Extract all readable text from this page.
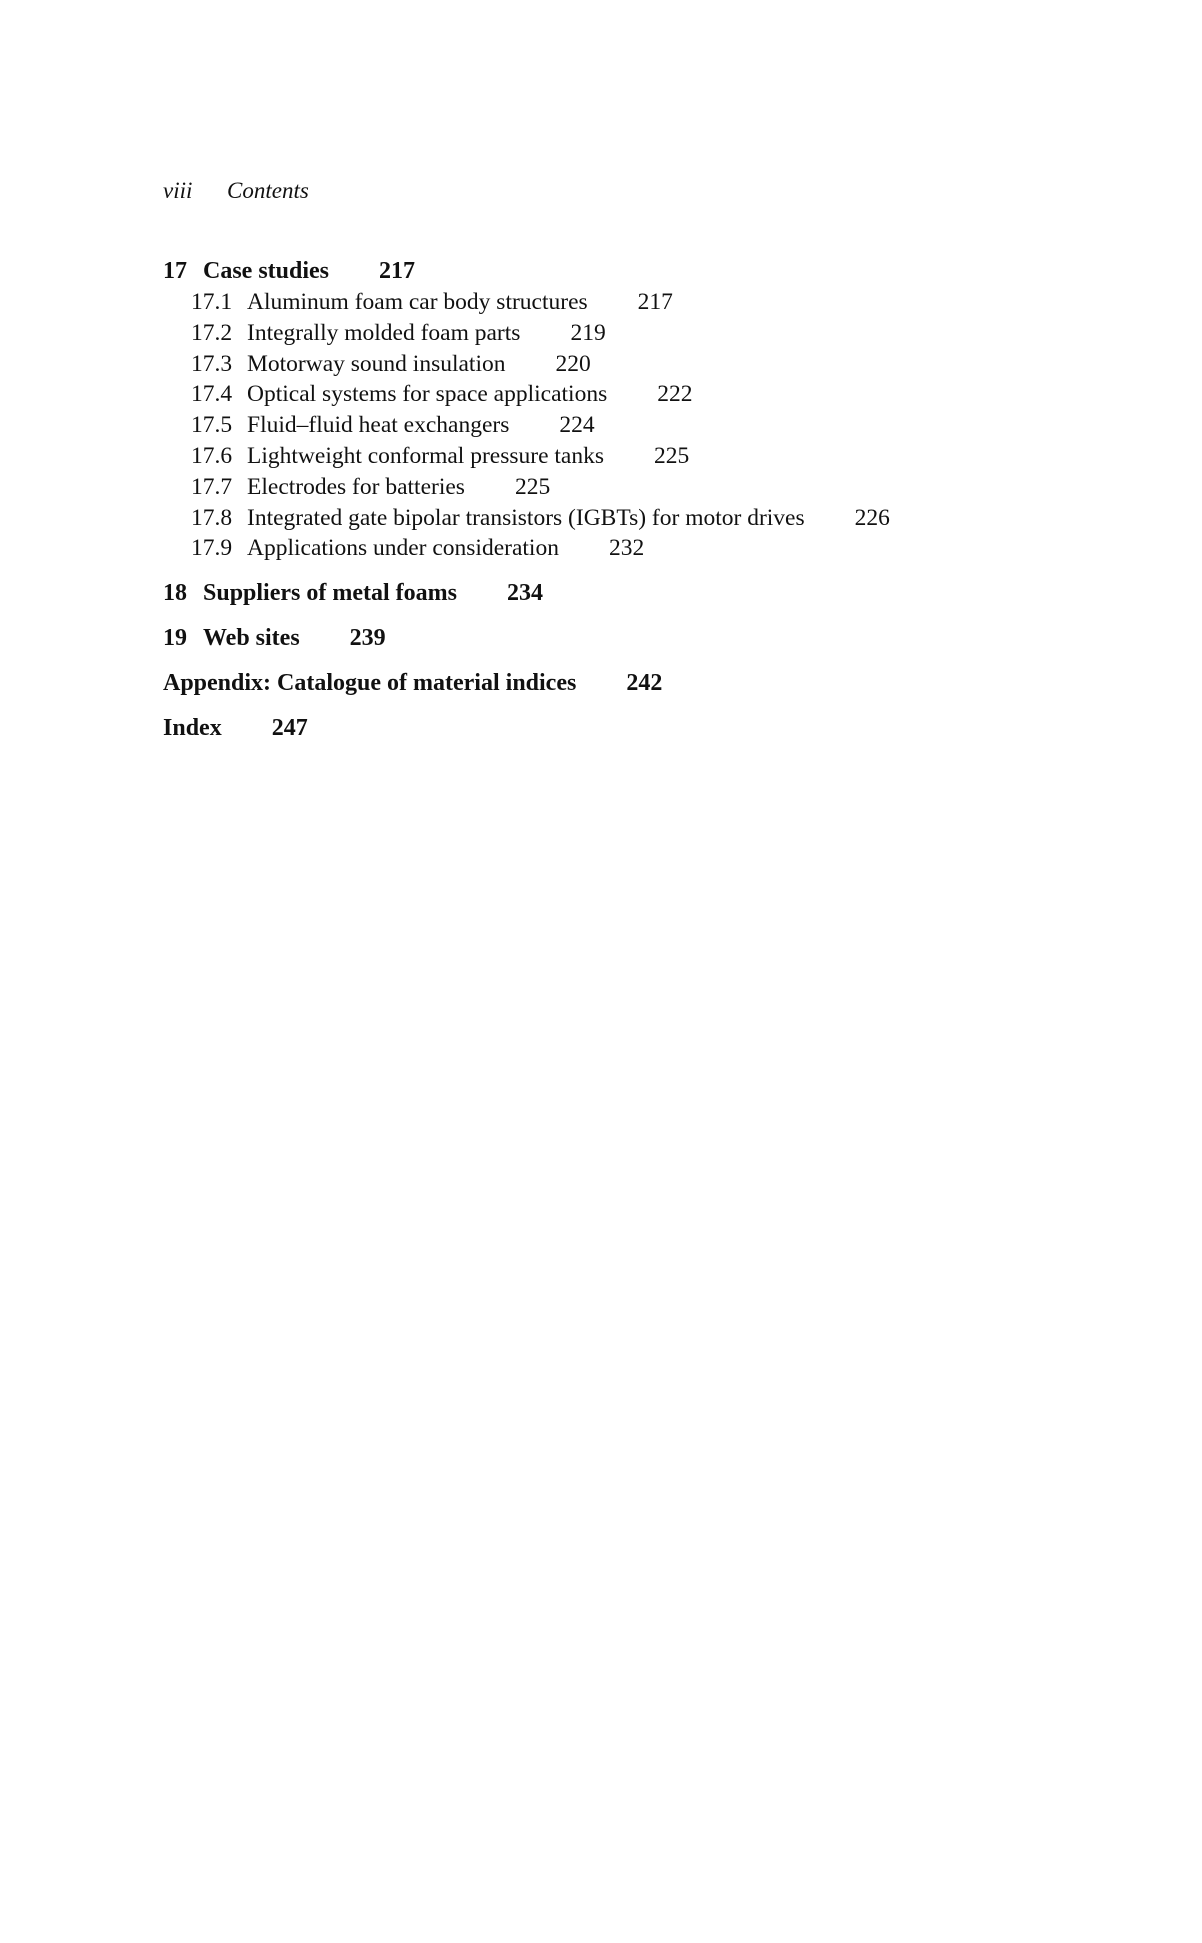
viii Contents
17 Case studies 217
17.1 Aluminum foam car body structures 217
17.2 Integrally molded foam parts 219
17.3 Motorway sound insulation 220
17.4 Optical systems for space applications 222
17.5 Fluid–fluid heat exchangers 224
17.6 Lightweight conformal pressure tanks 225
17.7 Electrodes for batteries 225
17.8 Integrated gate bipolar transistors (IGBTs) for motor drives 226
17.9 Applications under consideration 232
18 Suppliers of metal foams 234
19 Web sites 239
Appendix: Catalogue of material indices 242
Index 247
